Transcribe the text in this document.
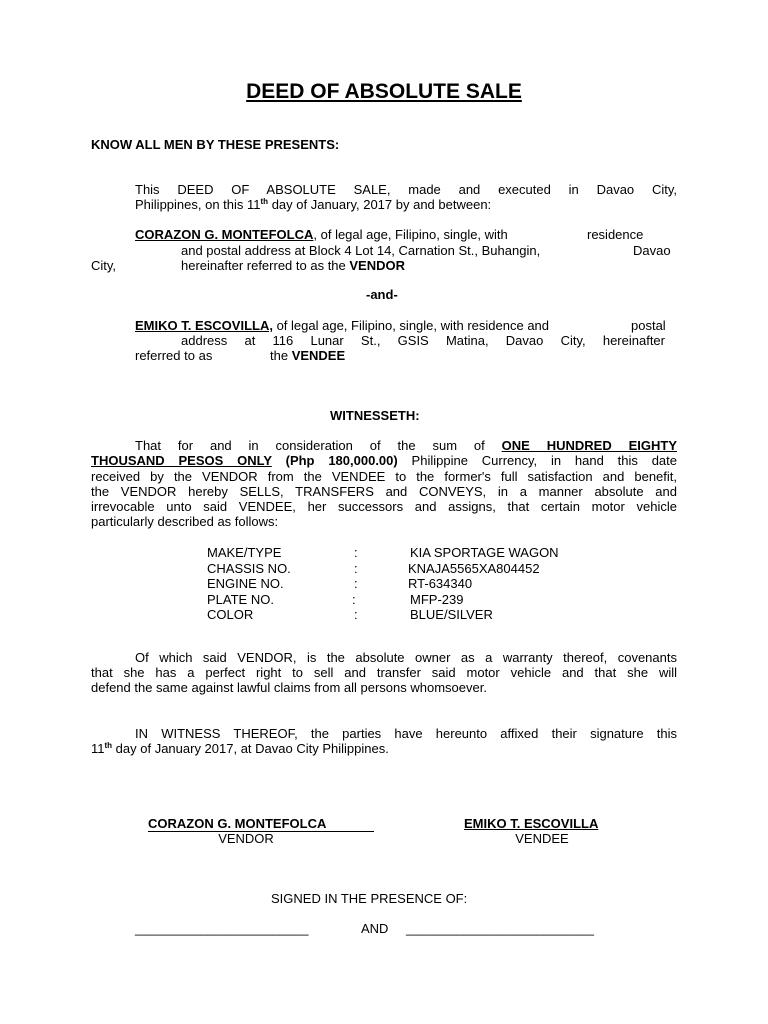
DEED OF ABSOLUTE SALE
KNOW ALL MEN BY THESE PRESENTS:
This DEED OF ABSOLUTE SALE, made and executed in Davao City,
Philippines, on this 11th day of January, 2017 by and between:
CORAZON G. MONTEFOLCA, of legal age, Filipino, single, with	residence
and postal address at Block 4 Lot 14, Carnation St., Buhangin,	Davao
City,	hereinafter referred to as the VENDOR
-and-
EMIKO T. ESCOVILLA, of legal age, Filipino, single, with residence and	postal
address at 116 Lunar St., GSIS Matina, Davao City, hereinafter
referred to as	the VENDEE
WITNESSETH:
That for and in consideration of the sum of ONE HUNDRED EIGHTY
THOUSAND PESOS ONLY (Php 180,000.00) Philippine Currency, in hand this date
received by the VENDOR from the VENDEE to the former's full satisfaction and benefit,
the VENDOR hereby SELLS, TRANSFERS and CONVEYS, in a manner absolute and
irrevocable unto said VENDEE, her successors and assigns, that certain motor vehicle
particularly described as follows:
MAKE/TYPE	:	KIA SPORTAGE WAGON
CHASSIS NO.	:	KNAJA5565XA804452
ENGINE NO.	:	RT-634340
PLATE NO.	:	MFP-239
COLOR	:	BLUE/SILVER
Of which said VENDOR, is the absolute owner as a warranty thereof, covenants
that she has a perfect right to sell and transfer said motor vehicle and that she will
defend the same against lawful claims from all persons whomsoever.
IN WITNESS THEREOF, the parties have hereunto affixed their signature this
11th day of January 2017, at Davao City Philippines.
CORAZON G. MONTEFOLCA
VENDOR
EMIKO T. ESCOVILLA
VENDEE
SIGNED IN THE PRESENCE OF:
________________________	AND __________________________
